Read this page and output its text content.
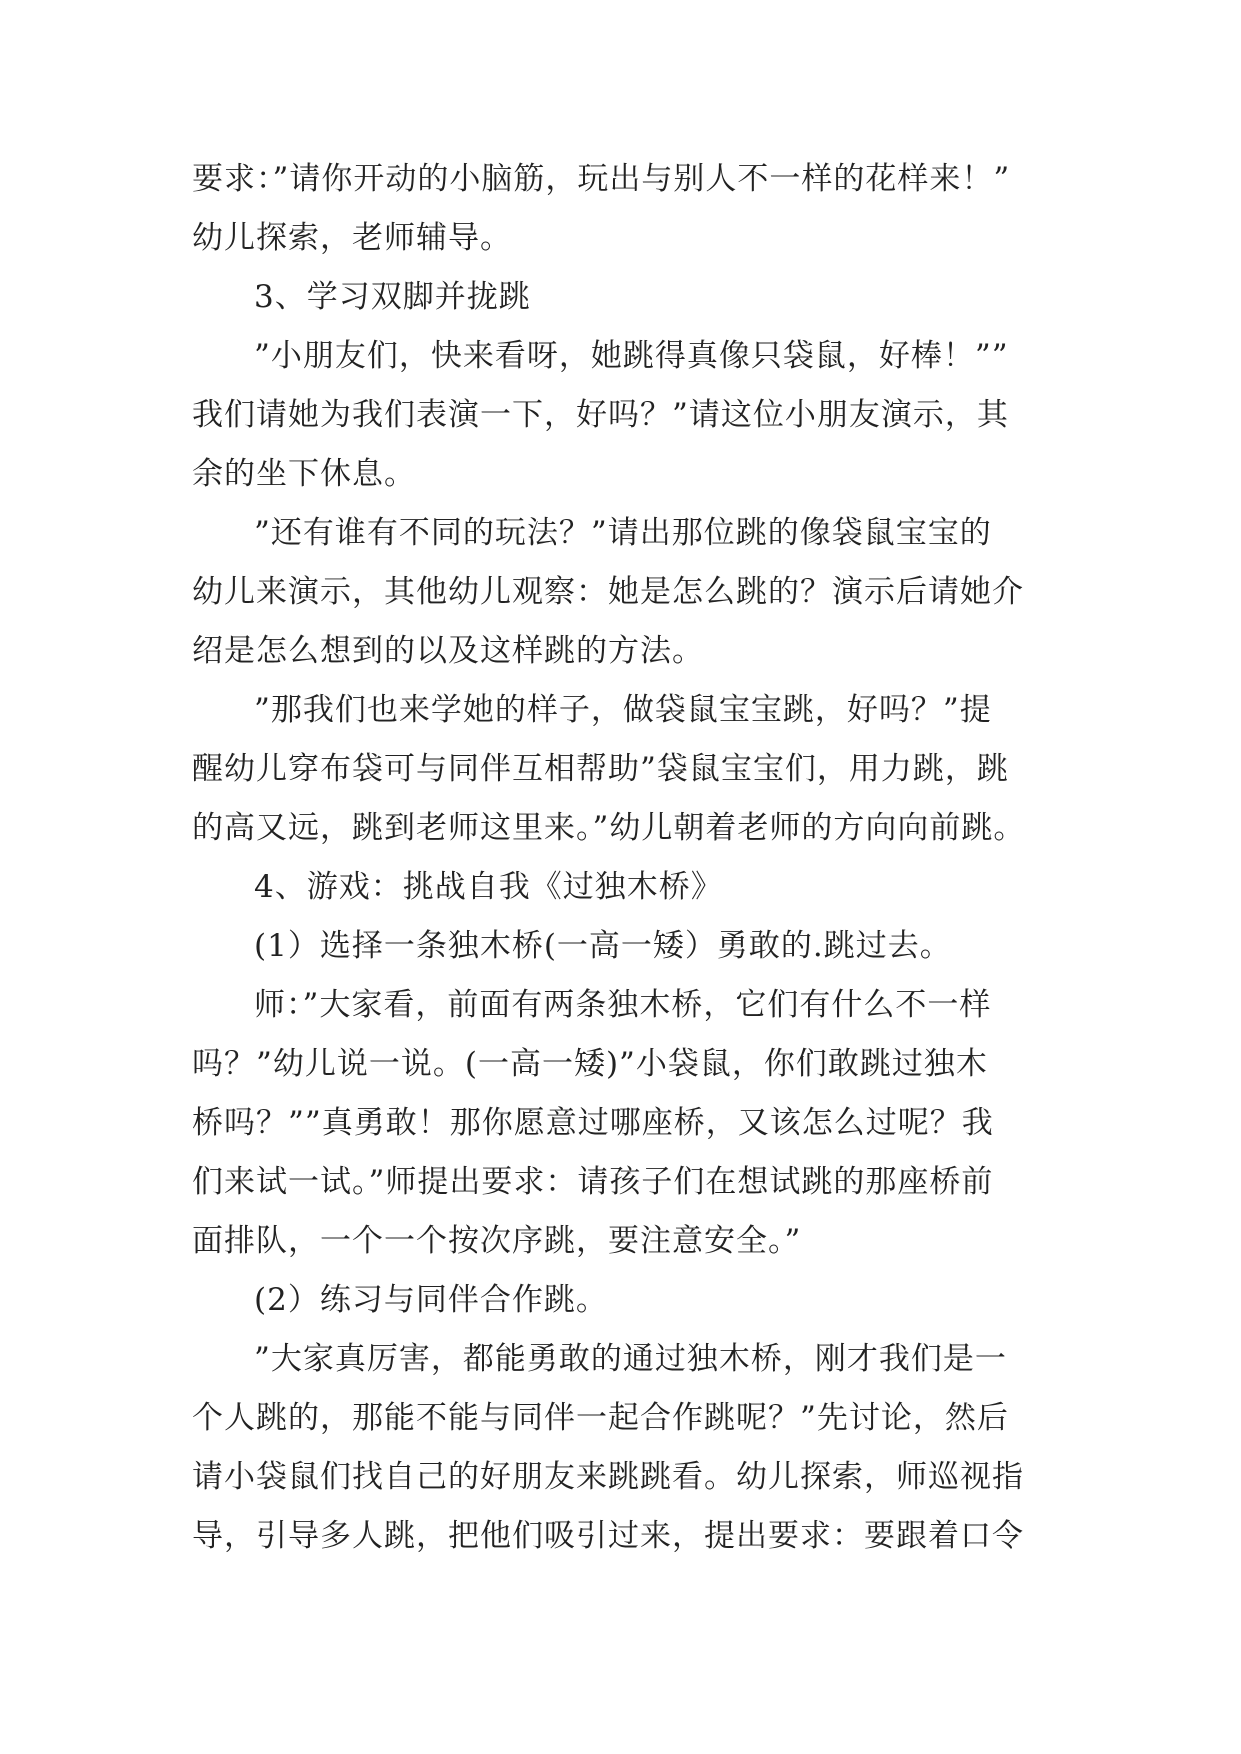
要求：”请你开动的小脑筋，玩出与别人不一样的花样来！”
幼儿探索，老师辅导。
3、学习双脚并拢跳
”小朋友们，快来看呀，她跳得真像只袋鼠，好棒！””
我们请她为我们表演一下，好吗？”请这位小朋友演示，其
余的坐下休息。
”还有谁有不同的玩法？”请出那位跳的像袋鼠宝宝的
幼儿来演示，其他幼儿观察：她是怎么跳的？演示后请她介
绍是怎么想到的以及这样跳的方法。
”那我们也来学她的样子，做袋鼠宝宝跳，好吗？”提
醒幼儿穿布袋可与同伴互相帮助”袋鼠宝宝们，用力跳，跳
的高又远，跳到老师这里来。”幼儿朝着老师的方向向前跳。
4、游戏：挑战自我《过独木桥》
(1）选择一条独木桥(一高一矮）勇敢的.跳过去。
师：”大家看，前面有两条独木桥，它们有什么不一样
吗？”幼儿说一说。(一高一矮)”小袋鼠，你们敢跳过独木
桥吗？””真勇敢！那你愿意过哪座桥，又该怎么过呢？我
们来试一试。”师提出要求：请孩子们在想试跳的那座桥前
面排队，一个一个按次序跳，要注意安全。”
(2）练习与同伴合作跳。
”大家真厉害，都能勇敢的通过独木桥，刚才我们是一
个人跳的，那能不能与同伴一起合作跳呢？”先讨论，然后
请小袋鼠们找自己的好朋友来跳跳看。幼儿探索，师巡视指
导，引导多人跳，把他们吸引过来，提出要求：要跟着口令
